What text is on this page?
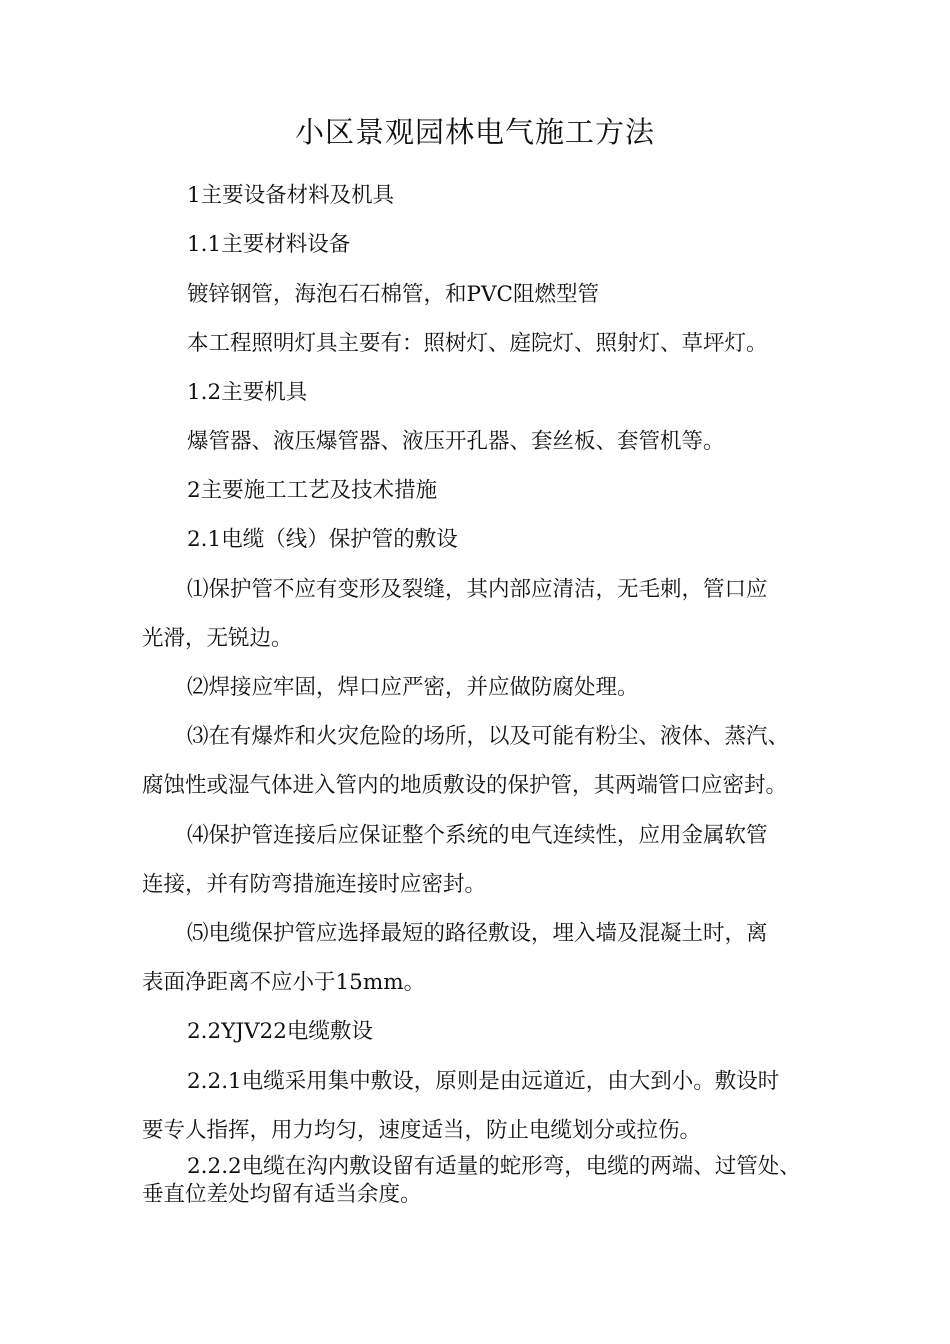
小区景观园林电气施工方法

1主要设备材料及机具

1.1主要材料设备

镀锌钢管，海泡石石棉管，和PVC阻燃型管

本工程照明灯具主要有：照树灯、庭院灯、照射灯、草坪灯。

1.2主要机具

爆管器、液压爆管器、液压开孔器、套丝板、套管机等。

2主要施工工艺及技术措施

2.1电缆（线）保护管的敷设

⑴保护管不应有变形及裂缝，其内部应清洁，无毛刺，管口应

光滑，无锐边。

⑵焊接应牢固，焊口应严密，并应做防腐处理。

⑶在有爆炸和火灾危险的场所，以及可能有粉尘、液体、蒸汽、

腐蚀性或湿气体进入管内的地质敷设的保护管，其两端管口应密封。

⑷保护管连接后应保证整个系统的电气连续性，应用金属软管

连接，并有防弯措施连接时应密封。

⑸电缆保护管应选择最短的路径敷设，埋入墙及混凝土时，离

表面净距离不应小于15mm。

2.2YJV22电缆敷设

2.2.1电缆采用集中敷设，原则是由远道近，由大到小。敷设时

要专人指挥，用力均匀，速度适当，防止电缆划分或拉伤。

2.2.2电缆在沟内敷设留有适量的蛇形弯，电缆的两端、过管处、

垂直位差处均留有适当余度。
